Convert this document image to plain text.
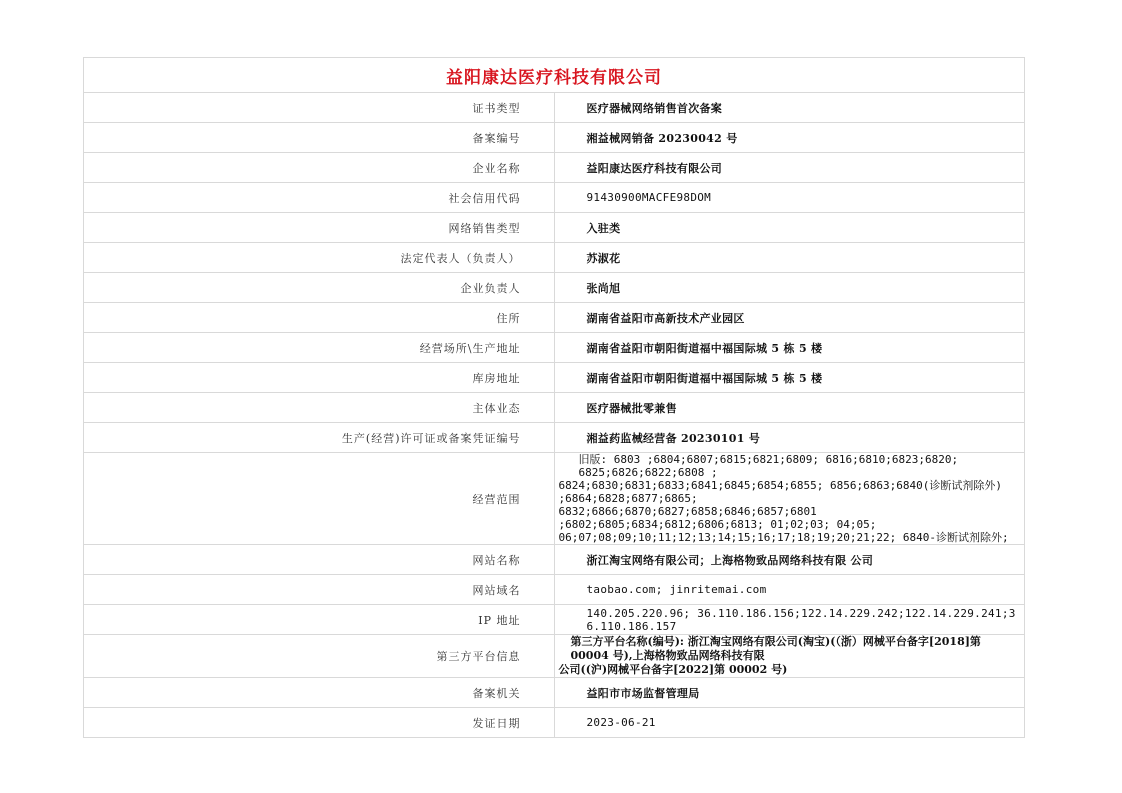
益阳康达医疗科技有限公司	
证书类型	医疗器械网络销售首次备案
备案编号	湘益械网销备 20230042 号
企业名称	益阳康达医疗科技有限公司
社会信用代码	91430900MACFE98DOM
网络销售类型	入驻类
法定代表人（负责人）	苏淑花
企业负责人	张尚旭
住所	湖南省益阳市高新技术产业园区
经营场所\生产地址	湖南省益阳市朝阳街道福中福国际城 5 栋 5 楼
库房地址	湖南省益阳市朝阳街道福中福国际城 5 栋 5 楼
主体业态	医疗器械批零兼售
生产(经营)许可证或备案凭证编号	湘益药监械经营备 20230101 号
经营范围	旧版: 6803 ;6804;6807;6815;6821;6809; 6816;6810;6823;6820; 6825;6826;6822;6808 ;
6824;6830;6831;6833;6841;6845;6854;6855; 6856;6863;6840(诊断试剂除外) ;6864;6828;6877;6865;
6832;6866;6870;6827;6858;6846;6857;6801 ;6802;6805;6834;6812;6806;6813; 01;02;03; 04;05;
06;07;08;09;10;11;12;13;14;15;16;17;18;19;20;21;22; 6840-诊断试剂除外;

网站名称	浙江淘宝网络有限公司；上海格物致品网络科技有限 公司
网站域名	taobao.com; jinritemai.com
IP 地址	140.205.220.96; 36.110.186.156;122.14.229.242;122.14.229.241;3 6.110.186.157
第三方平台信息	第三方平台名称(编号): 浙江淘宝网络有限公司(淘宝)(（浙）网械平台备字[2018]第 00004 号),上海格物致品网络科技有限
公司((沪)网械平台备字[2022]第 00002 号)

备案机关	益阳市市场监督管理局
发证日期	2023-06-21
